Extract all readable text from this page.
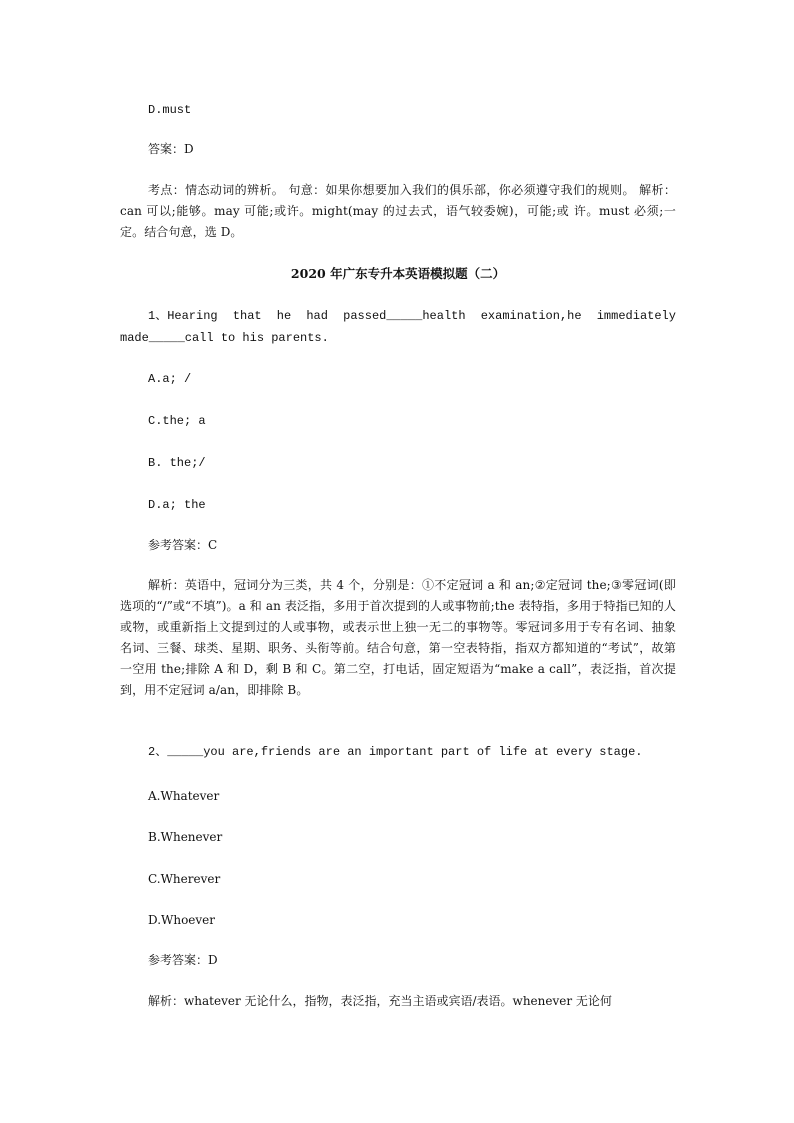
D.must
答案：D
考点：情态动词的辨析。 句意：如果你想要加入我们的俱乐部，你必须遵守我们的规则。 解析：can 可以;能够。may 可能;或许。might(may 的过去式，语气较委婉)，可能;或 许。must 必须;一定。结合句意，选 D。
2020 年广东专升本英语模拟题（二）
1、Hearing that he had passed_____health examination,he immediately
made_____call to his parents.
A.a; /
C.the; a
B. the;/
D.a; the
参考答案：C
解析：英语中，冠词分为三类，共 4 个，分别是：①不定冠词 a 和 an;②定冠词 the;③零冠词(即选项的“/”或“不填”)。a 和 an 表泛指，多用于首次提到的人或事物前;the 表特指，多用于特指已知的人或物，或重新指上文提到过的人或事物，或表示世上独一无二的事物等。零冠词多用于专有名词、抽象名词、三餐、球类、星期、职务、头衔等前。结合句意，第一空表特指，指双方都知道的“考试”，故第一空用 the;排除 A 和 D，剩 B 和 C。第二空，打电话，固定短语为“make a call”，表泛指，首次提到，用不定冠词 a/an，即排除 B。
2、_____you are,friends are an important part of life at every stage.
A.Whatever
B.Whenever
C.Wherever
D.Whoever
参考答案：D
解析：whatever 无论什么，指物，表泛指，充当主语或宾语/表语。whenever 无论何
